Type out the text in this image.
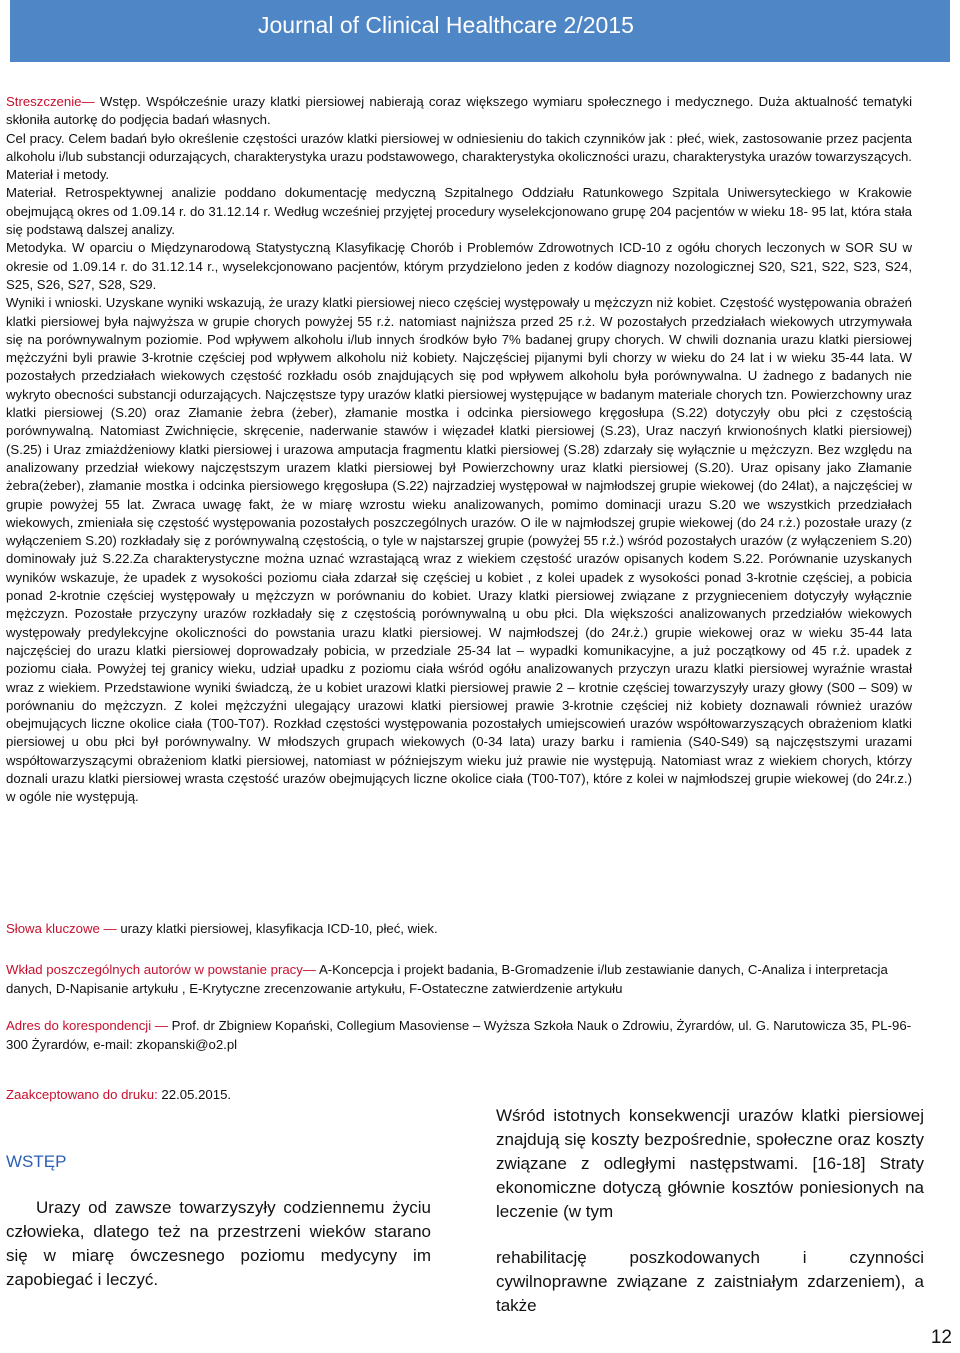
Journal of Clinical Healthcare 2/2015

Streszczenie— Wstęp. Współcześnie urazy klatki piersiowej nabierają coraz większego wymiaru społecznego i medycznego. Duża aktualność tematyki skłoniła autorkę do podjęcia badań własnych.

Cel pracy. Celem badań było określenie częstości urazów klatki piersiowej w odniesieniu do takich czynników jak : płeć, wiek, zastosowanie przez pacjenta alkoholu i/lub substancji odurzających, charakterystyka urazu podstawowego, charakterystyka okoliczności urazu, charakterystyka urazów towarzyszących.

Materiał i metody.

Materiał. Retrospektywnej analizie poddano dokumentację medyczną Szpitalnego Oddziału Ratunkowego Szpitala Uniwersyteckiego w Krakowie obejmującą okres od 1.09.14 r. do 31.12.14 r. Według wcześniej przyjętej procedury wyselekcjonowano grupę 204 pacjentów w wieku 18- 95 lat, która stała się podstawą dalszej analizy.

Metodyka. W oparciu o Międzynarodową Statystyczną Klasyfikację Chorób i Problemów Zdrowotnych ICD-10 z ogółu chorych leczonych w SOR SU w okresie od 1.09.14 r. do 31.12.14 r., wyselekcjonowano pacjentów, którym przydzielono jeden z kodów diagnozy nozologicznej S20, S21, S22, S23, S24, S25, S26, S27, S28, S29.

Wyniki i wnioski. Uzyskane wyniki wskazują, że urazy klatki piersiowej nieco częściej występowały u mężczyzn niż kobiet. Częstość występowania obrażeń klatki piersiowej była najwyższa w grupie chorych powyżej 55 r.ż. natomiast najniższa przed 25 r.ż. W pozostałych przedziałach wiekowych utrzymywała się na porównywalnym poziomie. Pod wpływem alkoholu i/lub innych środków było 7% badanej grupy chorych. W chwili doznania urazu klatki piersiowej mężczyźni byli prawie 3-krotnie częściej pod wpływem alkoholu niż kobiety. Najczęściej pijanymi byli chorzy w wieku do 24 lat i w wieku 35-44 lata. W pozostałych przedziałach wiekowych częstość rozkładu osób znajdujących się pod wpływem alkoholu była porównywalna. U żadnego z badanych nie wykryto obecności substancji odurzających. Najczęstsze typy urazów klatki piersiowej występujące w badanym materiale chorych tzn. Powierzchowny uraz klatki piersiowej (S.20) oraz Złamanie żebra (żeber), złamanie mostka i odcinka piersiowego kręgosłupa (S.22) dotyczyły obu płci z częstością porównywalną. Natomiast Zwichnięcie, skręcenie, naderwanie stawów i więzadeł klatki piersiowej (S.23), Uraz naczyń krwionośnych klatki piersiowej) (S.25) i Uraz zmiażdżeniowy klatki piersiowej i urazowa amputacja fragmentu klatki piersiowej (S.28) zdarzały się wyłącznie u mężczyzn. Bez względu na analizowany przedział wiekowy najczęstszym urazem klatki piersiowej był Powierzchowny uraz klatki piersiowej (S.20). Uraz opisany jako Złamanie żebra(żeber), złamanie mostka i odcinka piersiowego kręgosłupa (S.22) najrzadziej występował w najmłodszej grupie wiekowej (do 24lat), a najczęściej w grupie powyżej 55 lat. Zwraca uwagę fakt, że w miarę wzrostu wieku analizowanych, pomimo dominacji urazu S.20 we wszystkich przedziałach wiekowych, zmieniała się częstość występowania pozostałych poszczególnych urazów. O ile w najmłodszej grupie wiekowej (do 24 r.ż.) pozostałe urazy (z wyłączeniem S.20) rozkładały się z porównywalną częstością, o tyle w najstarszej grupie (powyżej 55 r.ż.) wśród pozostałych urazów (z wyłączeniem S.20) dominowały już S.22.Za charakterystyczne można uznać wzrastającą wraz z wiekiem częstość urazów opisanych kodem S.22. Porównanie uzyskanych wyników wskazuje, że upadek z wysokości poziomu ciała zdarzał się częściej u kobiet , z kolei upadek z wysokości ponad 3-krotnie częściej, a pobicia ponad 2-krotnie częściej występowały u mężczyzn w porównaniu do kobiet. Urazy klatki piersiowej związane z przygnieceniem dotyczyły wyłącznie mężczyzn. Pozostałe przyczyny urazów rozkładały się z częstością porównywalną u obu płci. Dla większości analizowanych przedziałów wiekowych występowały predylekcyjne okoliczności do powstania urazu klatki piersiowej. W najmłodszej (do 24r.ż.) grupie wiekowej oraz w wieku 35-44 lata najczęściej do urazu klatki piersiowej doprowadzały pobicia, w przedziale 25-34 lat – wypadki komunikacyjne, a już początkowy od 45 r.ż. upadek z poziomu ciała. Powyżej tej granicy wieku, udział upadku z poziomu ciała wśród ogółu analizowanych przyczyn urazu klatki piersiowej wyraźnie wrastał wraz z wiekiem. Przedstawione wyniki świadczą, że u kobiet urazowi klatki piersiowej prawie 2 – krotnie częściej towarzyszyły urazy głowy (S00 – S09) w porównaniu do mężczyzn. Z kolei mężczyźni ulegający urazowi klatki piersiowej prawie 3-krotnie częściej niż kobiety doznawali również urazów obejmujących liczne okolice ciała (T00-T07). Rozkład częstości występowania pozostałych umiejscowień urazów współtowarzyszących obrażeniom klatki piersiowej u obu płci był porównywalny. W młodszych grupach wiekowych (0-34 lata) urazy barku i ramienia (S40-S49) są najczęstszymi urazami współtowarzyszącymi obrażeniom klatki piersiowej, natomiast w późniejszym wieku już prawie nie występują. Natomiast wraz z wiekiem chorych, którzy doznali urazu klatki piersiowej wrasta częstość urazów obejmujących liczne okolice ciała (T00-T07), które z kolei w najmłodszej grupie wiekowej (do 24r.z.) w ogóle nie występują.

Słowa kluczowe — urazy klatki piersiowej, klasyfikacja ICD-10, płeć, wiek.

Wkład poszczególnych autorów w powstanie pracy— A-Koncepcja i projekt badania, B-Gromadzenie i/lub zestawianie danych, C-Analiza i interpretacja danych, D-Napisanie artykułu , E-Krytyczne zrecenzowanie artykułu, F-Ostateczne zatwierdzenie artykułu

Adres do korespondencji — Prof. dr Zbigniew Kopański, Collegium Masoviense – Wyższa Szkoła Nauk o Zdrowiu, Żyrardów, ul. G. Narutowicza 35, PL-96-300 Żyrardów, e-mail: zkopanski@o2.pl

Zaakceptowano do druku: 22.05.2015.

WSTĘP

Urazy od zawsze towarzyszyły codziennemu życiu człowieka, dlatego też na przestrzeni wieków starano się w miarę ówczesnego poziomu medycyny im zapobiegać i leczyć.

Wśród istotnych konsekwencji urazów klatki piersiowej znajdują się koszty bezpośrednie, społeczne oraz koszty związane z odległymi następstwami. [16-18] Straty ekonomiczne dotyczą głównie kosztów poniesionych na leczenie (w tym

rehabilitację poszkodowanych i czynności cywilnoprawne związane z zaistniałym zdarzeniem), a także

12
